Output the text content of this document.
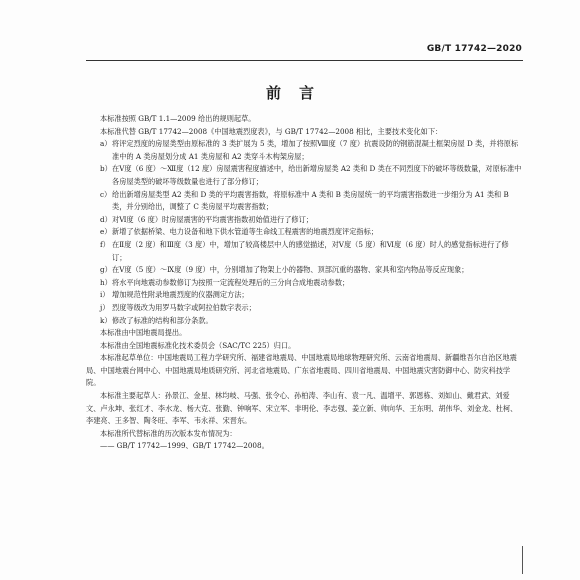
GB/T 17742—2020
前言

本标准按照 GB/T 1.1—2009 给出的规则起草。

本标准代替 GB/T 17742—2008《中国地震烈度表》，与 GB/T 17742—2008 相比，主要技术变化如下：

a） 将评定烈度的房屋类型由原标准的 3 类扩展为 5 类，增加了按照Ⅷ度（7 度）抗震设防的钢筋混凝土框架房屋 D 类，并将原标准中的 A 类房屋划分成 A1 类房屋和 A2 类穿斗木构架房屋；
b） 在Ⅴ度（6 度）～Ⅻ度（12 度）房屋震害程度描述中，给出新增房屋类 A2 类和 D 类在不同烈度下的破坏等级数量，对原标准中各房屋类型的破坏等级数量也进行了部分修订；
c） 给出新增房屋类型 A2 类和 D 类的平均震害指数，将原标准中 A 类和 B 类房屋统一的平均震害指数进一步细分为 A1 类和 B 类，并分别给出，调整了 C 类房屋平均震害指数；
d） 对Ⅵ度（6 度）时房屋震害的平均震害指数初始值进行了修订；
e） 新增了依据桥梁、电力设备和地下供水管道等生命线工程震害的地震烈度评定指标；
f） 在Ⅱ度（2 度）和Ⅲ度（3 度）中，增加了较高楼层中人的感觉描述，对Ⅴ度（5 度）和Ⅵ度（6 度）时人的感觉指标进行了修订；
g） 在Ⅴ度（5 度）～Ⅸ度（9 度）中，分别增加了物架上小的器物、顶部沉重的器物、家具和室内物品等反应现象；
h） 将水平向地震动参数修订为按照一定流程处理后的三分向合成地震动参数；
i） 增加规范性附录地震烈度的仪器测定方法；
j） 烈度等级改为用罗马数字或阿拉伯数字表示；
k） 修改了标准的结构和部分条款。

本标准由中国地震局提出。

本标准由全国地震标准化技术委员会（SAC/TC 225）归口。

本标准起草单位：中国地震局工程力学研究所、福建省地震局、中国地震局地球物理研究所、云南省地震局、新疆维吾尔自治区地震局、中国地震台网中心、中国地震局地质研究所、河北省地震局、广东省地震局、四川省地震局、中国地震灾害防御中心、防灾科技学院。

本标准主要起草人：孙景江、金星、林均岐、马强、张令心、孙柏涛、李山有、袁一凡、温增平、郭恩栋、刘如山、戴君武、刘爱文、卢永坤、张红才、李水龙、杨大克、张勤、钟响军、宋立军、非明伦、李志强、姜立新、帅向华、王东明、胡伟华、刘金龙、杜柯、李建亮、王多智、陶冬旺、李军、韦永祥、宋晋东。

本标准所代替标准的历次版本发布情况为：

—— GB/T 17742—1999、GB/T 17742—2008。
